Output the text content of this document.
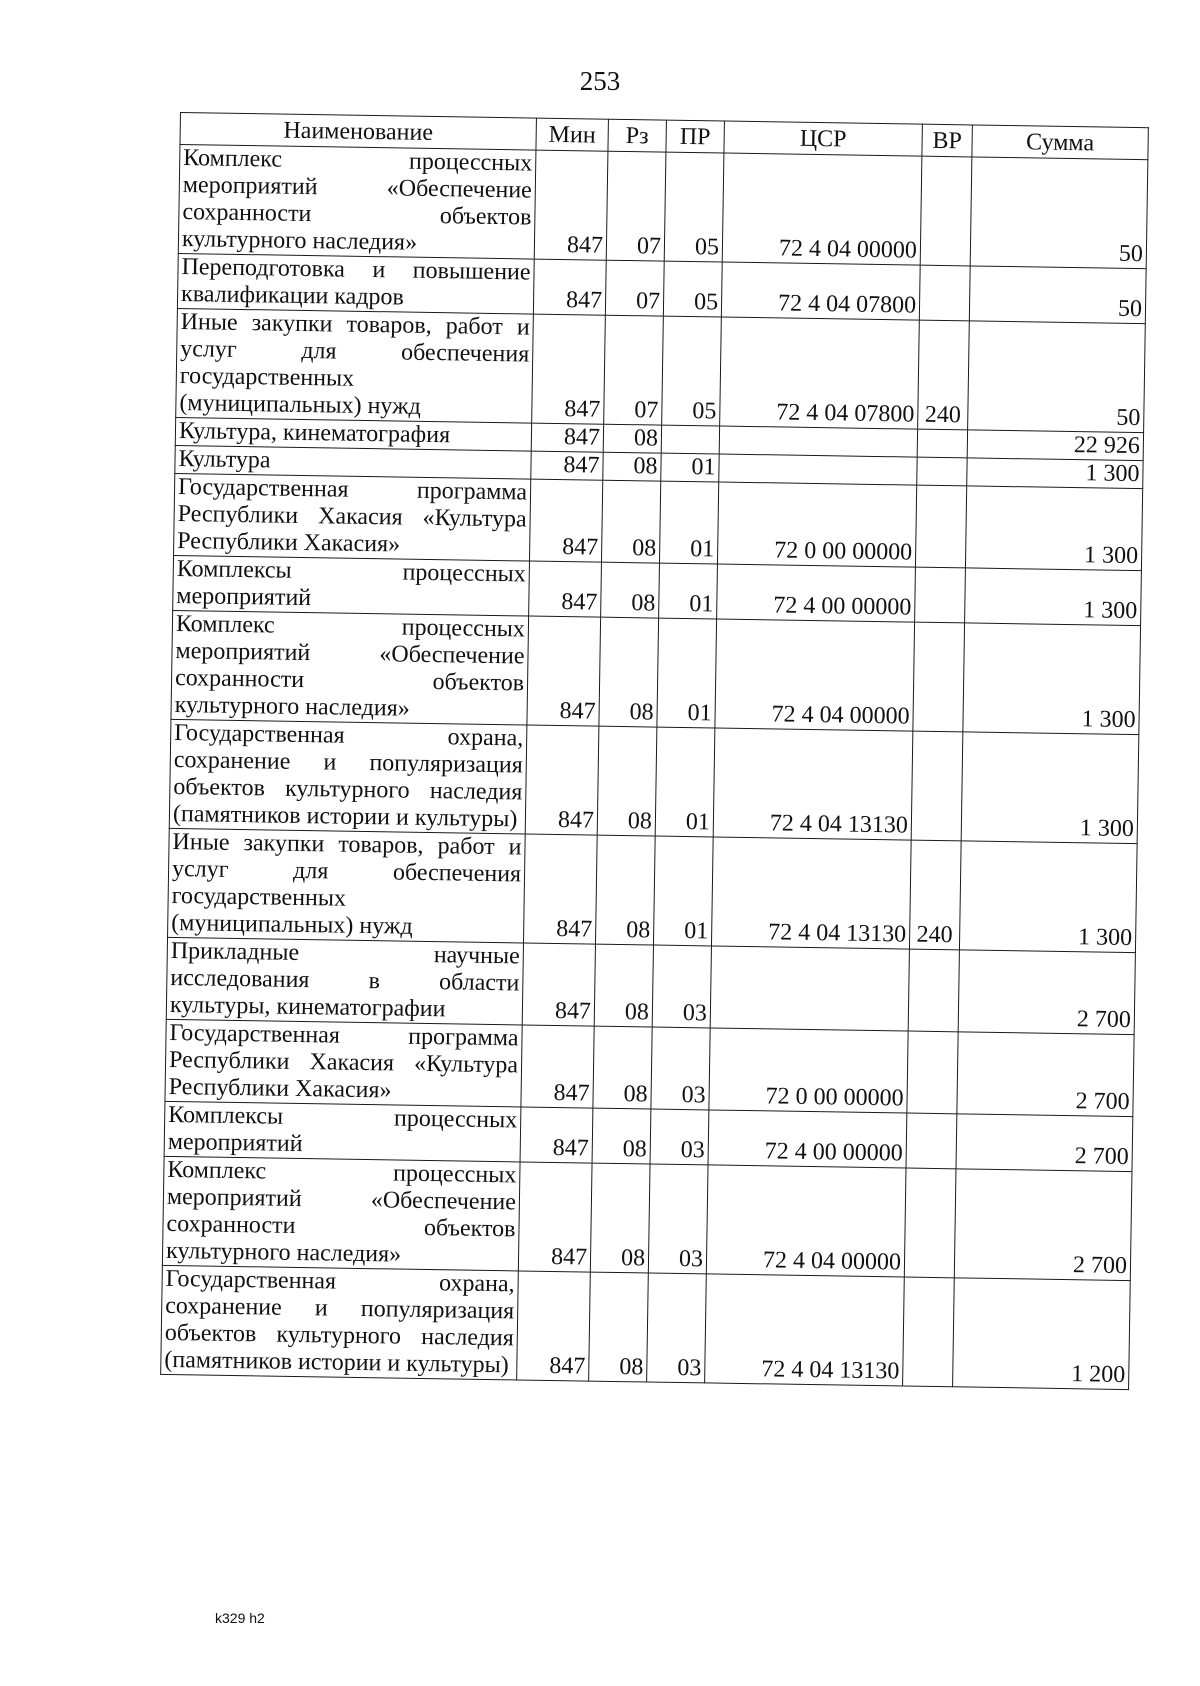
253
Наименование	Мин	Рз	ПР	ЦСР	ВР	Сумма
Комплекс процессных мероприятий «Обеспечение сохранности объектов культурного наследия»	847	07	05	72 4 04 00000		50
Переподготовка и повышение квалификации кадров	847	07	05	72 4 04 07800		50
Иные закупки товаров, работ и услуг для обеспечения государственных (муниципальных) нужд	847	07	05	72 4 04 07800	240	50
Культура, кинематография	847	08				22 926
Культура	847	08	01			1 300
Государственная программа Республики Хакасия «Культура Республики Хакасия»	847	08	01	72 0 00 00000		1 300
Комплексы процессных мероприятий	847	08	01	72 4 00 00000		1 300
Комплекс процессных мероприятий «Обеспечение сохранности объектов культурного наследия»	847	08	01	72 4 04 00000		1 300
Государственная охрана, сохранение и популяризация объектов культурного наследия (памятников истории и культуры)	847	08	01	72 4 04 13130		1 300
Иные закупки товаров, работ и услуг для обеспечения государственных (муниципальных) нужд	847	08	01	72 4 04 13130	240	1 300
Прикладные научные исследования в области культуры, кинематографии	847	08	03			2 700
Государственная программа Республики Хакасия «Культура Республики Хакасия»	847	08	03	72 0 00 00000		2 700
Комплексы процессных мероприятий	847	08	03	72 4 00 00000		2 700
Комплекс процессных мероприятий «Обеспечение сохранности объектов культурного наследия»	847	08	03	72 4 04 00000		2 700
Государственная охрана, сохранение и популяризация объектов культурного наследия (памятников истории и культуры)	847	08	03	72 4 04 13130		1 200
k329 h2
